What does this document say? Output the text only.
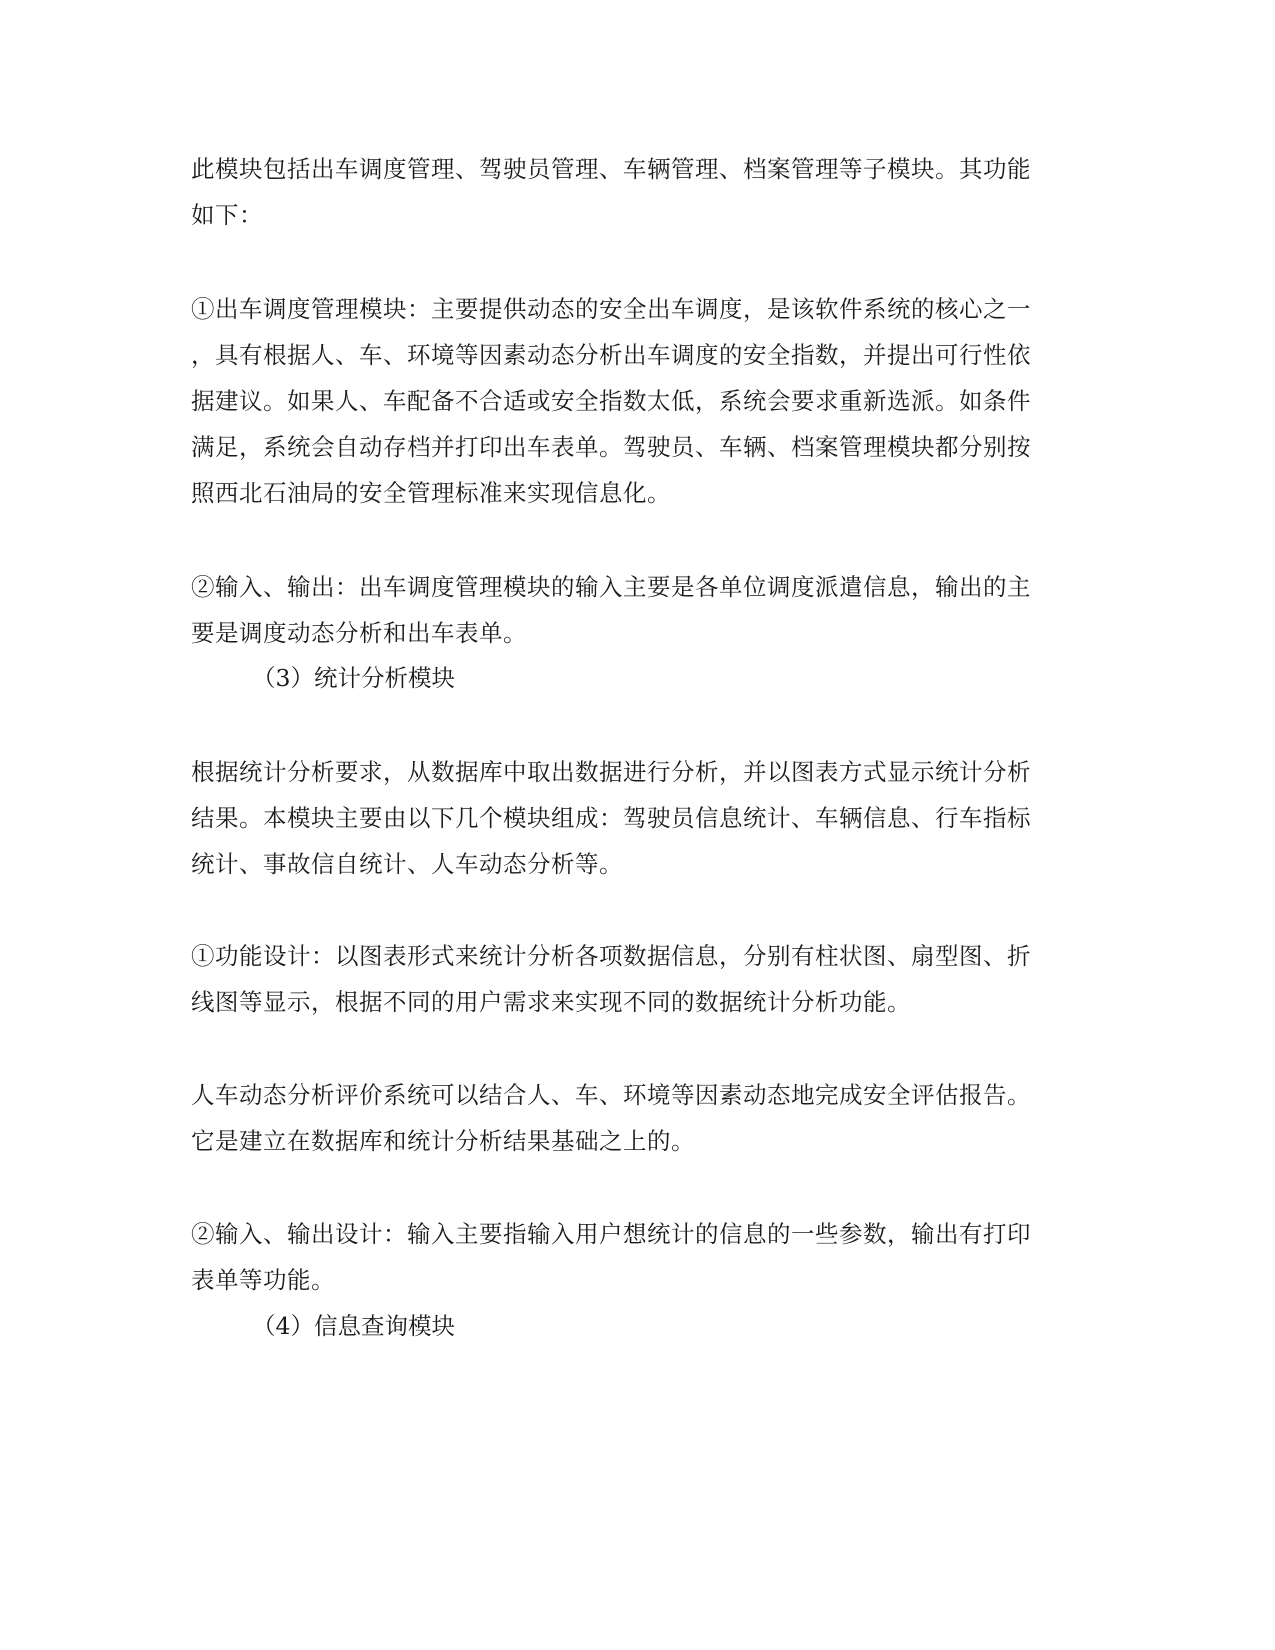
此模块包括出车调度管理、驾驶员管理、车辆管理、档案管理等子模块。其功能
如下：

①出车调度管理模块：主要提供动态的安全出车调度，是该软件系统的核心之一
，具有根据人、车、环境等因素动态分析出车调度的安全指数，并提出可行性依
据建议。如果人、车配备不合适或安全指数太低，系统会要求重新选派。如条件
满足，系统会自动存档并打印出车表单。驾驶员、车辆、档案管理模块都分别按
照西北石油局的安全管理标准来实现信息化。

②输入、输出：出车调度管理模块的输入主要是各单位调度派遣信息，输出的主
要是调度动态分析和出车表单。

（3）统计分析模块

根据统计分析要求，从数据库中取出数据进行分析，并以图表方式显示统计分析
结果。本模块主要由以下几个模块组成：驾驶员信息统计、车辆信息、行车指标
统计、事故信自统计、人车动态分析等。

①功能设计：以图表形式来统计分析各项数据信息，分别有柱状图、扇型图、折
线图等显示，根据不同的用户需求来实现不同的数据统计分析功能。

人车动态分析评价系统可以结合人、车、环境等因素动态地完成安全评估报告。
它是建立在数据库和统计分析结果基础之上的。

②输入、输出设计：输入主要指输入用户想统计的信息的一些参数，输出有打印
表单等功能。

（4）信息查询模块
